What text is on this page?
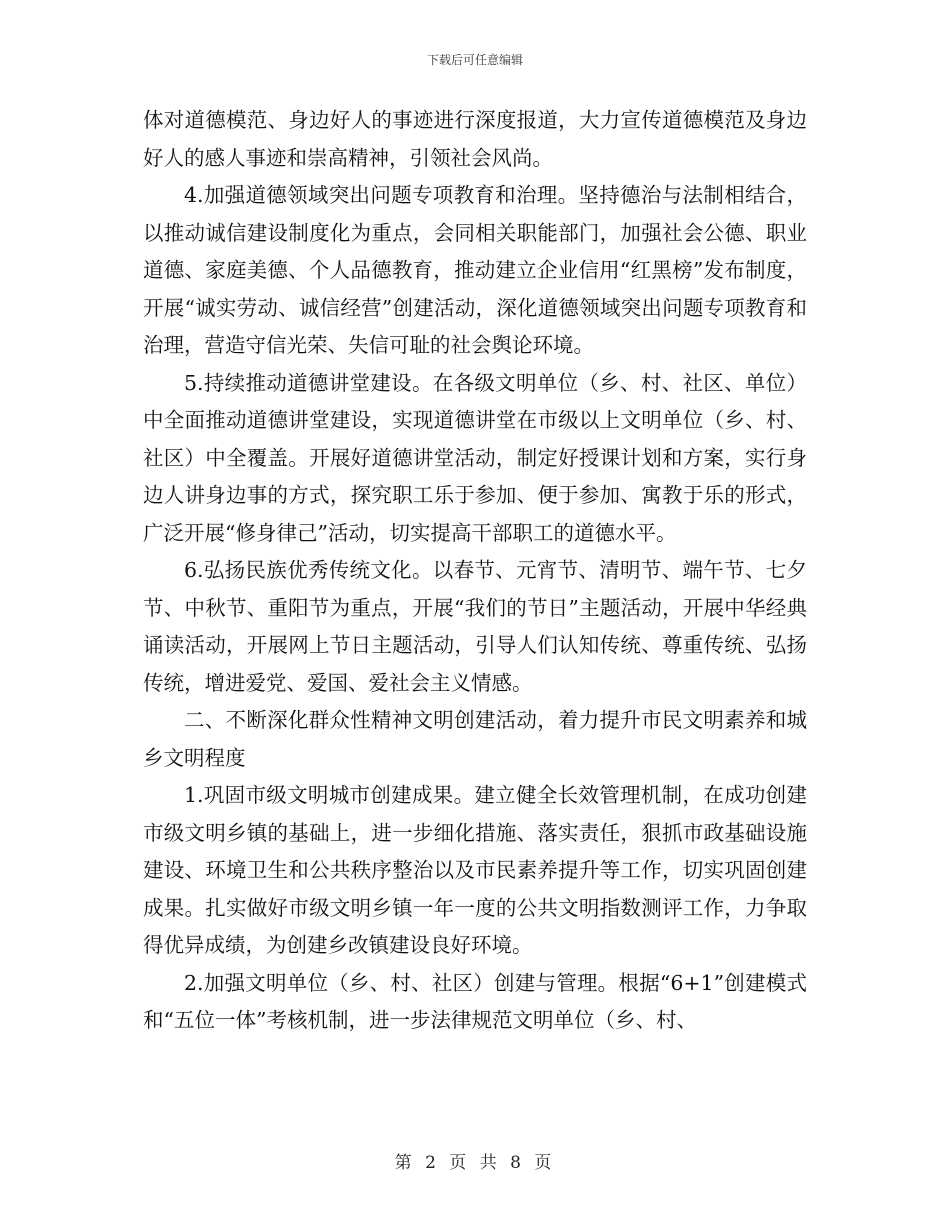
下载后可任意编辑

体对道德模范、身边好人的事迹进行深度报道，大力宣传道德模范及身边好人的感人事迹和崇高精神，引领社会风尚。

4.加强道德领域突出问题专项教育和治理。坚持德治与法制相结合，以推动诚信建设制度化为重点，会同相关职能部门，加强社会公德、职业道德、家庭美德、个人品德教育，推动建立企业信用“红黑榜”发布制度，开展“诚实劳动、诚信经营”创建活动，深化道德领域突出问题专项教育和治理，营造守信光荣、失信可耻的社会舆论环境。

5.持续推动道德讲堂建设。在各级文明单位（乡、村、社区、单位）中全面推动道德讲堂建设，实现道德讲堂在市级以上文明单位（乡、村、社区）中全覆盖。开展好道德讲堂活动，制定好授课计划和方案，实行身边人讲身边事的方式，探究职工乐于参加、便于参加、寓教于乐的形式，广泛开展“修身律己”活动，切实提高干部职工的道德水平。

6.弘扬民族优秀传统文化。以春节、元宵节、清明节、端午节、七夕节、中秋节、重阳节为重点，开展“我们的节日”主题活动，开展中华经典诵读活动，开展网上节日主题活动，引导人们认知传统、尊重传统、弘扬传统，增进爱党、爱国、爱社会主义情感。

二、不断深化群众性精神文明创建活动，着力提升市民文明素养和城乡文明程度

1.巩固市级文明城市创建成果。建立健全长效管理机制，在成功创建市级文明乡镇的基础上，进一步细化措施、落实责任，狠抓市政基础设施建设、环境卫生和公共秩序整治以及市民素养提升等工作，切实巩固创建成果。扎实做好市级文明乡镇一年一度的公共文明指数测评工作，力争取得优异成绩，为创建乡改镇建设良好环境。

2.加强文明单位（乡、村、社区）创建与管理。根据“6+1”创建模式和“五位一体”考核机制，进一步法律规范文明单位（乡、村、

第 2 页 共 8 页
